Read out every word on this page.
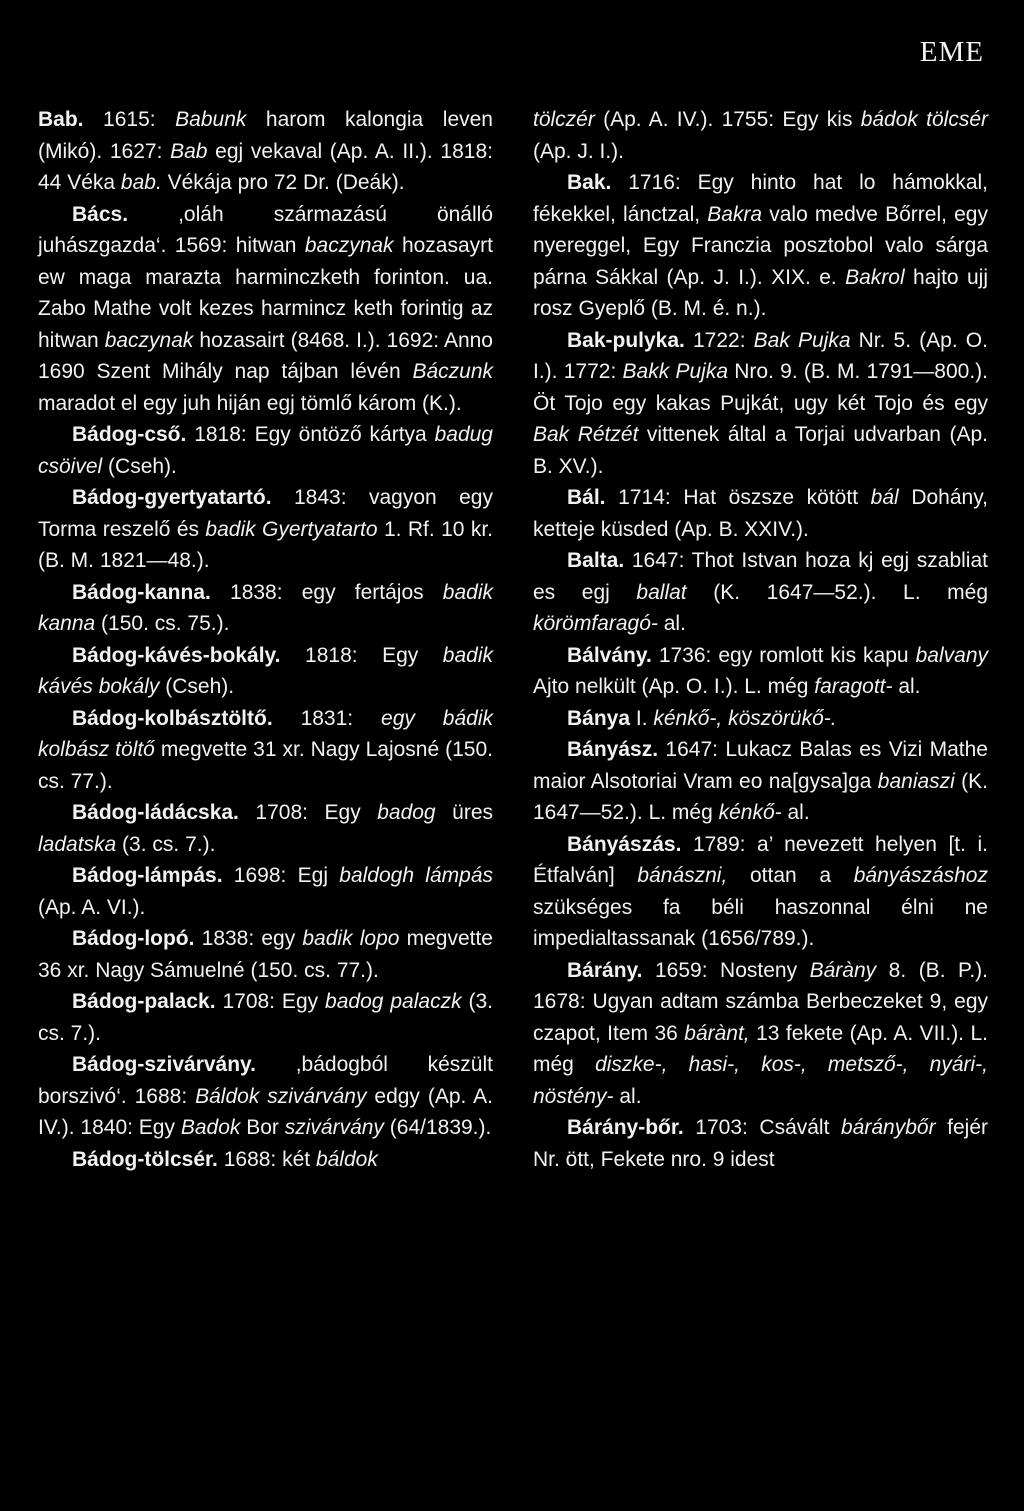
EME

Bab. 1615: Babunk harom kalongia leven (Mikó). 1627: Bab egj vekaval (Ap. A. II.). 1818: 44 Véka bab. Vékája pro 72 Dr. (Deák).

Bács. ,oláh származású önálló juhászgazda‘. 1569: hitwan baczynak hozasayrt ew maga marazta harminczketh forinton. ua. Zabo Mathe volt kezes harmincz keth forintig az hitwan baczynak hozasairt (8468. I.). 1692: Anno 1690 Szent Mihály nap tájban lévén Báczunk maradot el egy juh hiján egj tömlő károm (K.).

Bádog-cső. 1818: Egy öntöző kártya badug csöivel (Cseh).

Bádog-gyertyatartó. 1843: vagyon egy Torma reszelő és badik Gyertyatarto 1. Rf. 10 kr. (B. M. 1821—48.).

Bádog-kanna. 1838: egy fertájos badik kanna (150. cs. 75.).

Bádog-kávés-bokály. 1818: Egy badik kávés bokály (Cseh).

Bádog-kolbásztöltő. 1831: egy bádik kolbász töltő megvette 31 xr. Nagy Lajosné (150. cs. 77.).

Bádog-ládácska. 1708: Egy badog üres ladatska (3. cs. 7.).

Bádog-lámpás. 1698: Egj baldogh lámpás (Ap. A. VI.).

Bádog-lopó. 1838: egy badik lopo megvette 36 xr. Nagy Sámuelné (150. cs. 77.).

Bádog-palack. 1708: Egy badog palaczk (3. cs. 7.).

Bádog-szivárvány. ,bádogból készült borszivó‘. 1688: Báldok szivárvány edgy (Ap. A. IV.). 1840: Egy Badok Bor szivárvány (64/1839.).

Bádog-tölcsér. 1688: két báldok

tölczér (Ap. A. IV.). 1755: Egy kis bádok tölcsér (Ap. J. I.).

Bak. 1716: Egy hinto hat lo hámokkal, fékekkel, lánctzal, Bakra valo medve Bőrrel, egy nyereggel, Egy Franczia posztobol valo sárga párna Sákkal (Ap. J. I.). XIX. e. Bakrol hajto ujj rosz Gyeplő (B. M. é. n.).

Bak-pulyka. 1722: Bak Pujka Nr. 5. (Ap. O. I.). 1772: Bakk Pujka Nro. 9. (B. M. 1791—800.). Öt Tojo egy kakas Pujkát, ugy két Tojo és egy Bak Rétzét vittenek által a Torjai udvarban (Ap. B. XV.).

Bál. 1714: Hat öszsze kötött bál Dohány, ketteje küsded (Ap. B. XXIV.).

Balta. 1647: Thot Istvan hoza kj egj szabliat es egj ballat (K. 1647—52.). L. még körömfaragó- al.

Bálvány. 1736: egy romlott kis kapu balvany Ajto nelkült (Ap. O. I.). L. még faragott- al.

Bánya I. kénkő-, köszörükő-.

Bányász. 1647: Lukacz Balas es Vizi Mathe maior Alsotoriai Vram eo na[gysa]ga baniaszi (K. 1647—52.). L. még kénkő- al.

Bányászás. 1789: a’ nevezett helyen [t. i. Étfalván] bánászni, ottan a bányászáshoz szükséges fa béli haszonnal élni ne impedialtassanak (1656/789.).

Bárány. 1659: Nosteny Báràny 8. (B. P.). 1678: Ugyan adtam számba Berbeczeket 9, egy czapot, Item 36 bárànt, 13 fekete (Ap. A. VII.). L. még diszke-, hasi-, kos-, metsző-, nyári-, nöstény- al.

Bárány-bőr. 1703: Csávált báránybőr fejér Nr. ött, Fekete nro. 9 idest
